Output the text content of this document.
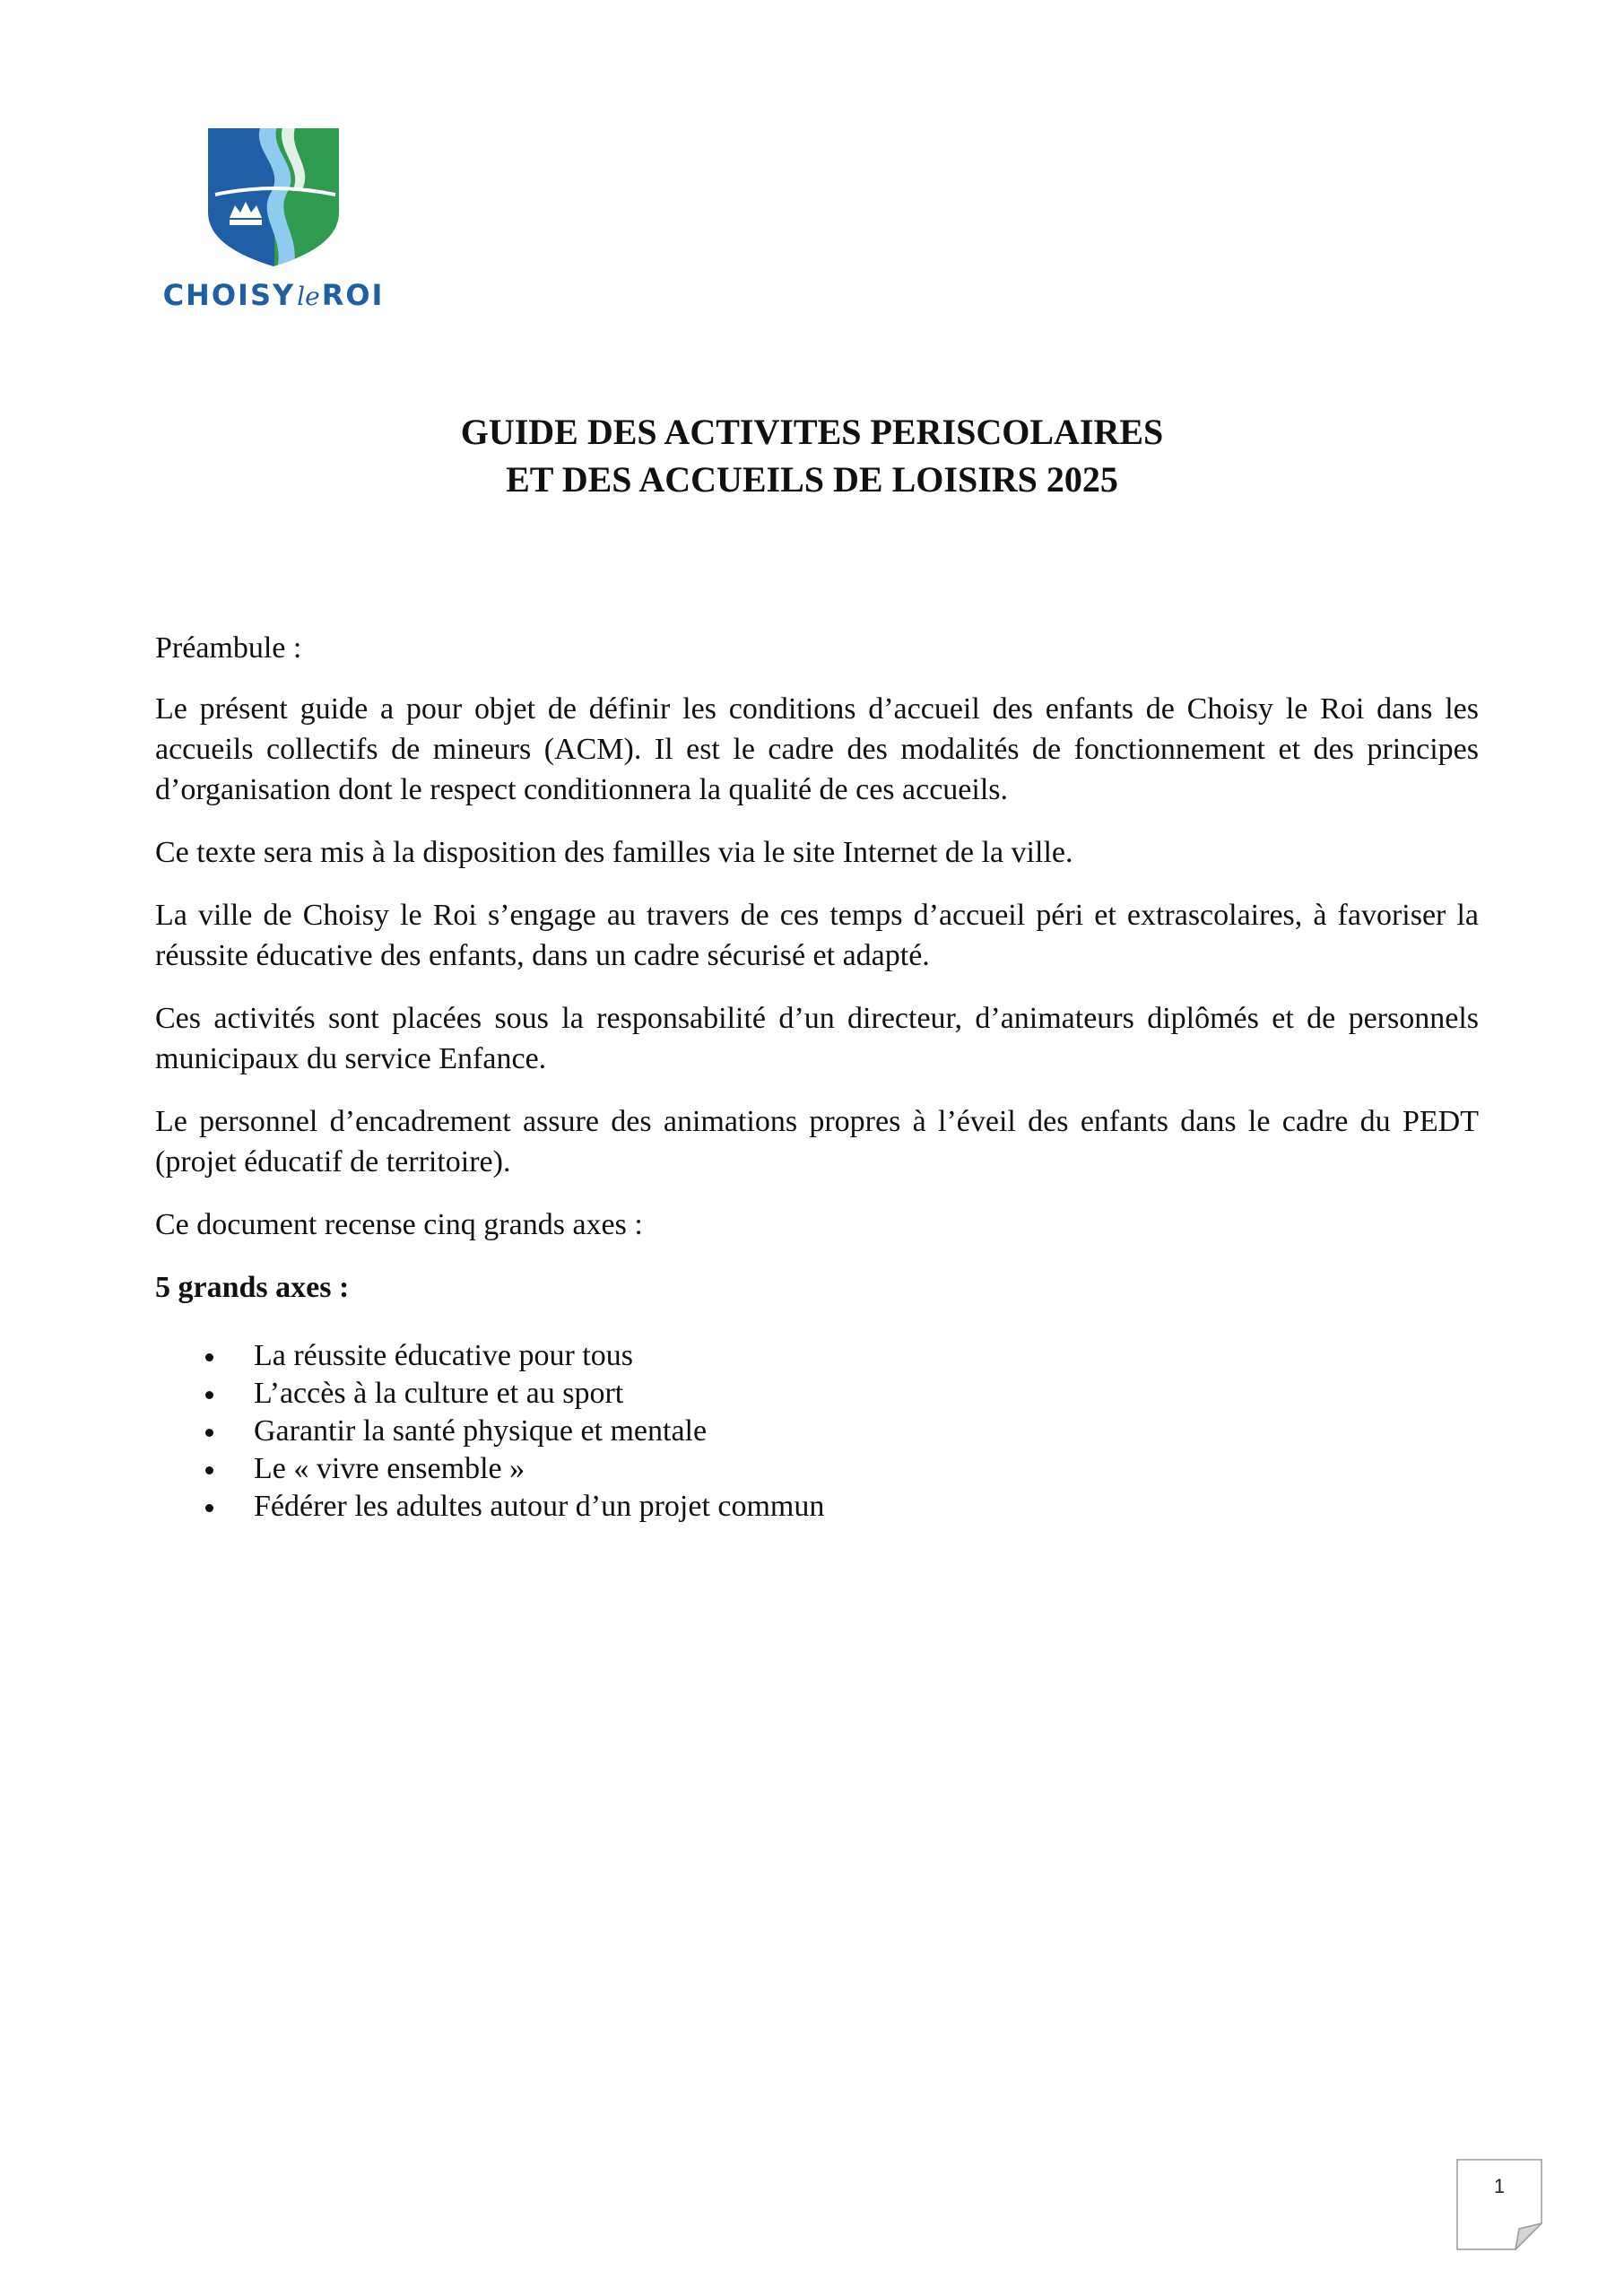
CHOISYleROI
GUIDE DES ACTIVITES PERISCOLAIRES
ET DES ACCUEILS DE LOISIRS 2025

Préambule :

Le présent guide a pour objet de définir les conditions d’accueil des enfants de Choisy le Roi dans les accueils collectifs de mineurs (ACM). Il est le cadre des modalités de fonctionnement et des principes d’organisation dont le respect conditionnera la qualité de ces accueils.

Ce texte sera mis à la disposition des familles via le site Internet de la ville.

La ville de Choisy le Roi s’engage au travers de ces temps d’accueil péri et extrascolaires, à favoriser la réussite éducative des enfants, dans un cadre sécurisé et adapté.

Ces activités sont placées sous la responsabilité d’un directeur, d’animateurs diplômés et de personnels municipaux du service Enfance.

Le personnel d’encadrement assure des animations propres à l’éveil des enfants dans le cadre du PEDT (projet éducatif de territoire).

Ce document recense cinq grands axes :

5 grands axes :

La réussite éducative pour tous
L’accès à la culture et au sport
Garantir la santé physique et mentale
Le « vivre ensemble »
Fédérer les adultes autour d’un projet commun
1
